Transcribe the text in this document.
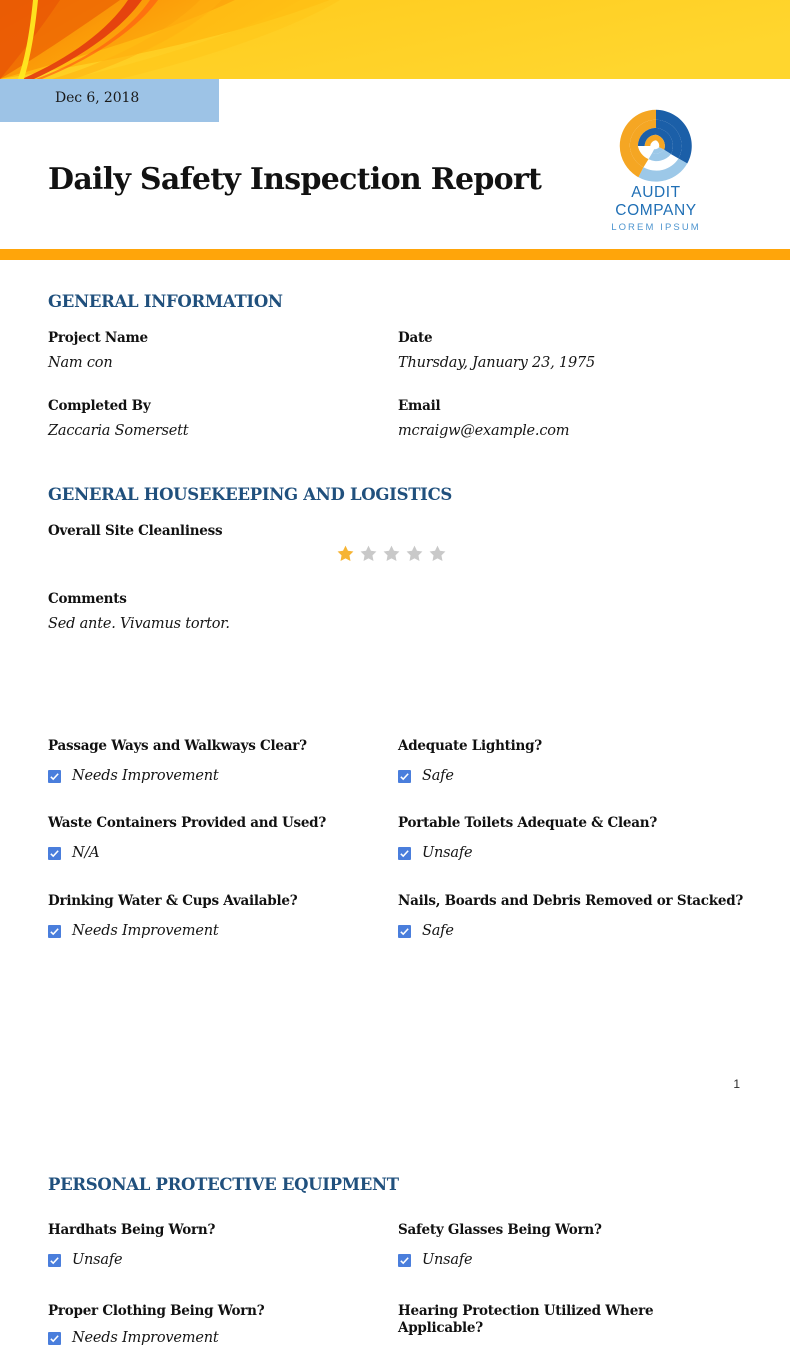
Dec 6, 2018
Daily Safety Inspection Report	AUDIT COMPANY
LOREM IPSUM
GENERAL INFORMATION
Project Name
Nam con
Date
Thursday, January 23, 1975
Completed By
Zaccaria Somersett
Email
mcraigw@example.com
GENERAL HOUSEKEEPING AND LOGISTICS
Overall Site Cleanliness
Comments
Sed ante. Vivamus tortor.
Passage Ways and Walkways Clear?
Needs Improvement
Adequate Lighting?
Safe
Waste Containers Provided and Used?
N/A
Portable Toilets Adequate & Clean?
Unsafe
Drinking Water & Cups Available?
Needs Improvement
Nails, Boards and Debris Removed or Stacked?
Safe
1
PERSONAL PROTECTIVE EQUIPMENT
Hardhats Being Worn?
Unsafe
Safety Glasses Being Worn?
Unsafe
Proper Clothing Being Worn?
Needs Improvement
Hearing Protection Utilized Where Applicable?
